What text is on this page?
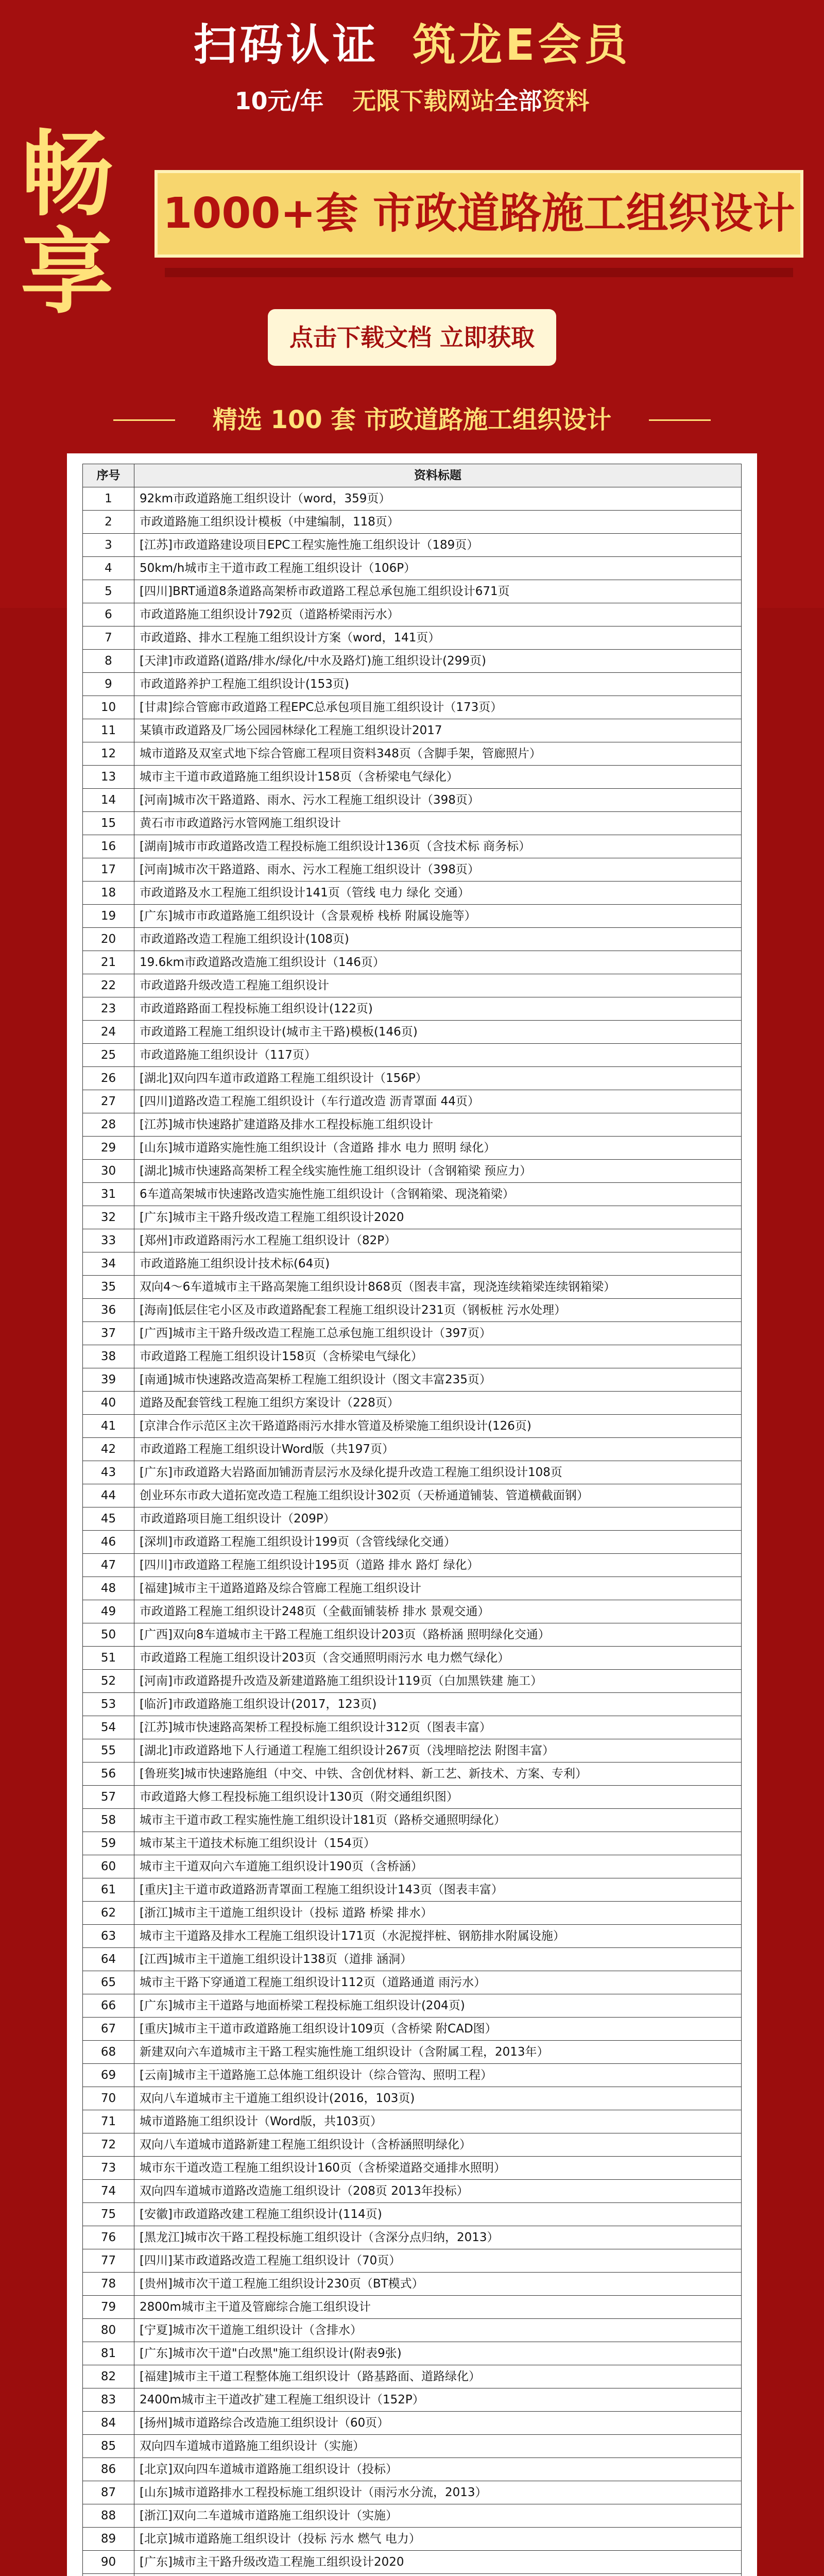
扫码认证 筑龙E会员
10元/年 无限下载网站全部资料
畅
享
1000+套 市政道路施工组织设计
点击下载文档 立即获取
精选 100 套 市政道路施工组织设计
序号	资料标题
1	92km市政道路施工组织设计（word，359页）
2	市政道路施工组织设计模板（中建编制，118页）
3	[江苏]市政道路建设项目EPC工程实施性施工组织设计（189页）
4	50km/h城市主干道市政工程施工组织设计（106P）
5	[四川]BRT通道8条道路高架桥市政道路工程总承包施工组织设计671页
6	市政道路施工组织设计792页（道路桥梁雨污水）
7	市政道路、排水工程施工组织设计方案（word，141页）
8	[天津]市政道路(道路/排水/绿化/中水及路灯)施工组织设计(299页)
9	市政道路养护工程施工组织设计(153页)
10	[甘肃]综合管廊市政道路工程EPC总承包项目施工组织设计（173页）
11	某镇市政道路及厂场公园园林绿化工程施工组织设计2017
12	城市道路及双室式地下综合管廊工程项目资料348页（含脚手架，管廊照片）
13	城市主干道市政道路施工组织设计158页（含桥梁电气绿化）
14	[河南]城市次干路道路、雨水、污水工程施工组织设计（398页）
15	黄石市市政道路污水管网施工组织设计
16	[湖南]城市市政道路改造工程投标施工组织设计136页（含技术标 商务标）
17	[河南]城市次干路道路、雨水、污水工程施工组织设计（398页）
18	市政道路及水工程施工组织设计141页（管线 电力 绿化 交通）
19	[广东]城市市政道路施工组织设计（含景观桥 栈桥 附属设施等）
20	市政道路改造工程施工组织设计(108页)
21	19.6km市政道路改造施工组织设计（146页）
22	市政道路升级改造工程施工组织设计
23	市政道路路面工程投标施工组织设计(122页)
24	市政道路工程施工组织设计(城市主干路)模板(146页)
25	市政道路施工组织设计（117页）
26	[湖北]双向四车道市政道路工程施工组织设计（156P）
27	[四川]道路改造工程施工组织设计（车行道改造 沥青罩面 44页）
28	[江苏]城市快速路扩建道路及排水工程投标施工组织设计
29	[山东]城市道路实施性施工组织设计（含道路 排水 电力 照明 绿化）
30	[湖北]城市快速路高架桥工程全线实施性施工组织设计（含钢箱梁 预应力）
31	6车道高架城市快速路改造实施性施工组织设计（含钢箱梁、现浇箱梁）
32	[广东]城市主干路升级改造工程施工组织设计2020
33	[郑州]市政道路雨污水工程施工组织设计（82P）
34	市政道路施工组织设计技术标(64页)
35	双向4～6车道城市主干路高架施工组织设计868页（图表丰富，现浇连续箱梁连续钢箱梁）
36	[海南]低层住宅小区及市政道路配套工程施工组织设计231页（钢板桩 污水处理）
37	[广西]城市主干路升级改造工程施工总承包施工组织设计（397页）
38	市政道路工程施工组织设计158页（含桥梁电气绿化）
39	[南通]城市快速路改造高架桥工程施工组织设计（图文丰富235页）
40	道路及配套管线工程施工组织方案设计（228页）
41	[京津合作示范区主次干路道路雨污水排水管道及桥梁施工组织设计(126页)
42	市政道路工程施工组织设计Word版（共197页）
43	[广东]市政道路大岩路面加铺沥青层污水及绿化提升改造工程施工组织设计108页
44	创业环东市政大道拓宽改造工程施工组织设计302页（天桥通道铺装、管道横截面钢）
45	市政道路项目施工组织设计（209P）
46	[深圳]市政道路工程施工组织设计199页（含管线绿化交通）
47	[四川]市政道路工程施工组织设计195页（道路 排水 路灯 绿化）
48	[福建]城市主干道路道路及综合管廊工程施工组织设计
49	市政道路工程施工组织设计248页（全截面铺装桥 排水 景观交通）
50	[广西]双向8车道城市主干路工程施工组织设计203页（路桥涵 照明绿化交通）
51	市政道路工程施工组织设计203页（含交通照明雨污水 电力燃气绿化）
52	[河南]市政道路提升改造及新建道路施工组织设计119页（白加黑铁建 施工）
53	[临沂]市政道路施工组织设计(2017，123页)
54	[江苏]城市快速路高架桥工程投标施工组织设计312页（图表丰富）
55	[湖北]市政道路地下人行通道工程施工组织设计267页（浅埋暗挖法 附图丰富）
56	[鲁班奖]城市快速路施组（中交、中铁、含创优材料、新工艺、新技术、方案、专利）
57	市政道路大修工程投标施工组织设计130页（附交通组织图）
58	城市主干道市政工程实施性施工组织设计181页（路桥交通照明绿化）
59	城市某主干道技术标施工组织设计（154页）
60	城市主干道双向六车道施工组织设计190页（含桥涵）
61	[重庆]主干道市政道路沥青罩面工程施工组织设计143页（图表丰富）
62	[浙江]城市主干道施工组织设计（投标 道路 桥梁 排水）
63	城市主干道路及排水工程施工组织设计171页（水泥搅拌桩、钢筋排水附属设施）
64	[江西]城市主干道施工组织设计138页（道排 涵洞）
65	城市主干路下穿通道工程施工组织设计112页（道路通道 雨污水）
66	[广东]城市主干道路与地面桥梁工程投标施工组织设计(204页)
67	[重庆]城市主干道市政道路施工组织设计109页（含桥梁 附CAD图）
68	新建双向六车道城市主干路工程实施性施工组织设计（含附属工程，2013年）
69	[云南]城市主干道路施工总体施工组织设计（综合管沟、照明工程）
70	双向八车道城市主干道施工组织设计(2016，103页)
71	城市道路施工组织设计（Word版，共103页）
72	双向八车道城市道路新建工程施工组织设计（含桥涵照明绿化）
73	城市东干道改造工程施工组织设计160页（含桥梁道路交通排水照明）
74	双向四车道城市道路改造施工组织设计（208页 2013年投标）
75	[安徽]市政道路改建工程施工组织设计(114页)
76	[黑龙江]城市次干路工程投标施工组织设计（含深分点归纳，2013）
77	[四川]某市政道路改造工程施工组织设计（70页）
78	[贵州]城市次干道工程施工组织设计230页（BT模式）
79	2800m城市主干道及管廊综合施工组织设计
80	[宁夏]城市次干道施工组织设计（含排水）
81	[广东]城市次干道"白改黑"施工组织设计(附表9张)
82	[福建]城市主干道工程整体施工组织设计（路基路面、道路绿化）
83	2400m城市主干道改扩建工程施工组织设计（152P）
84	[扬州]城市道路综合改造施工组织设计（60页）
85	双向四车道城市道路施工组织设计（实施）
86	[北京]双向四车道城市道路施工组织设计（投标）
87	[山东]城市道路排水工程投标施工组织设计（雨污水分流，2013）
88	[浙江]双向二车道城市道路施工组织设计（实施）
89	[北京]城市道路施工组织设计（投标 污水 燃气 电力）
90	[广东]城市主干路升级改造工程施工组织设计2020
